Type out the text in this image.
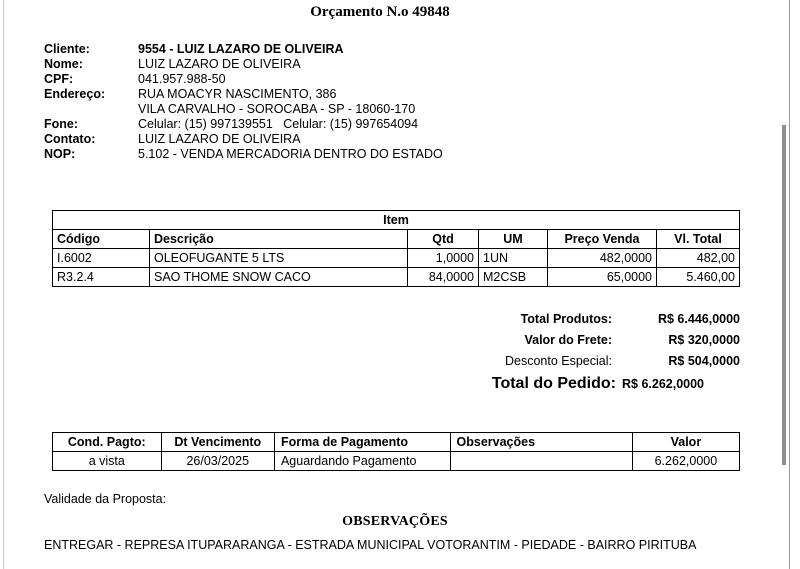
Orçamento N.o 49848
Cliente:	9554 - LUIZ LAZARO DE OLIVEIRA
Nome:	LUIZ LAZARO DE OLIVEIRA
CPF:	041.957.988-50
Endereço:	RUA MOACYR NASCIMENTO, 386
VILA CARVALHO - SOROCABA - SP - 18060-170
Fone:	Celular: (15) 997139551   Celular: (15) 997654094
Contato:	LUIZ LAZARO DE OLIVEIRA
NOP:	5.102 - VENDA MERCADORIA DENTRO DO ESTADO
Item					
Código	Descrição	Qtd	UM	Preço Venda	Vl. Total
I.6002	OLEOFUGANTE 5 LTS	1,0000	1UN	482,0000	482,00
R3.2.4	SAO THOME SNOW CACO	84,0000	M2CSB	65,0000	5.460,00
Total Produtos:	R$ 6.446,0000
Valor do Frete:	R$ 320,0000
Desconto Especial:	R$ 504,0000
Total do Pedido: R$ 6.262,0000
Cond. Pagto:	Dt Vencimento	Forma de Pagamento	Observações	Valor
a vista	26/03/2025	Aguardando Pagamento		6.262,0000
Validade da Proposta:
OBSERVAÇÕES
ENTREGAR - REPRESA ITUPARARANGA - ESTRADA MUNICIPAL VOTORANTIM - PIEDADE - BAIRRO PIRITUBA
